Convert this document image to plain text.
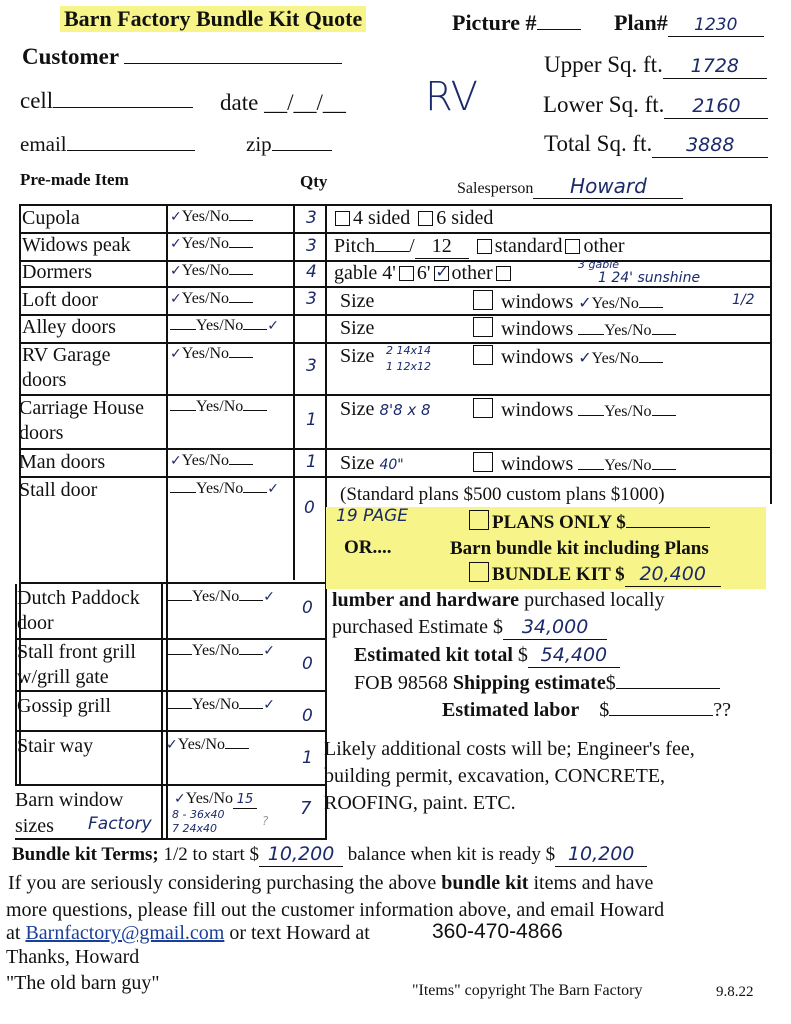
Barn Factory Bundle Kit Quote	Picture #	Plan# 1230
Customer
cell	date __/__/__ RV
email	zip
Upper Sq. ft. 1728
Lower Sq. ft. 2160
Total Sq. ft. 3888
Pre-made Item	Qty	Salesperson Howard
Cupola	✓Yes/No	3	4 sided 6 sided
Widows peak	✓Yes/No	3 Pitch / 12 standard other
Dormers	✓Yes/No	4 gable 4' 6'✓ other	3 gable
1 24' sunshine
Loft door	✓Yes/No	3 Size	windows ✓Yes/No	1/2
Alley doors	Yes/No ✓	Size	windows Yes/No
RV Garage
doors
✓Yes/No
3 Size 2 14x14
1 12x12	windows ✓Yes/No
Carriage House
doors
Yes/No
1 Size 8'8 x 8	windows Yes/No
Man doors	✓Yes/No	1 Size 40"	windows Yes/No
Stall door	Yes/No ✓
0
(Standard plans $500 custom plans $1000)
19 PAGE	PLANS ONLY $
OR....	Barn bundle kit including Plans
BUNDLE KIT $ 20,400
Dutch Paddock
door
Yes/No ✓
0 lumber and hardware purchased locally
purchased Estimate $ 34,000
Estimated kit total $ 54,400
FOB 98568 Shipping estimate$
Estimated labor $	??
Stall front grill
w/grill gate
Yes/No ✓
0
Gossip grill	Yes/No ✓
0
Stair way	✓Yes/No
1 Likely additional costs will be; Engineer's fee,
building permit, excavation, CONCRETE,
ROOFING, paint. ETC.
Barn window
sizes Factory
✓Yes/No 15
8 - 36x40
7 24x40
?
7
Bundle kit Terms; 1/2 to start $ 10,200 balance when kit is ready $ 10,200
If you are seriously considering purchasing the above bundle kit items and have
more questions, please fill out the customer information above, and email Howard
at Barnfactory@gmail.com or text Howard at	360-470-4866
Thanks, Howard
"The old barn guy"	"Items" copyright The Barn Factory	9.8.22
